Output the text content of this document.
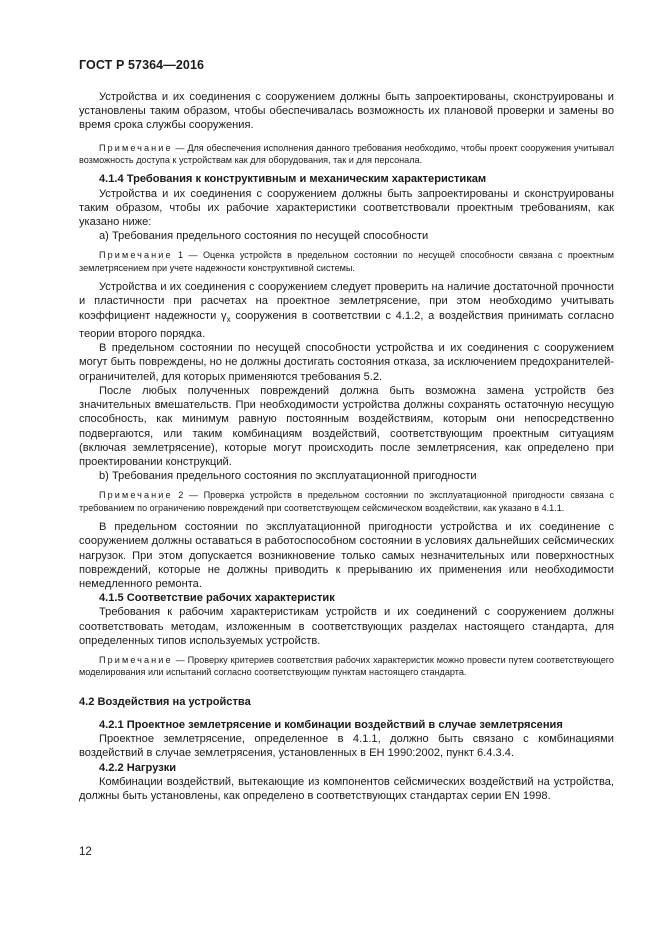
ГОСТ Р 57364—2016

Устройства и их соединения с сооружением должны быть запроектированы, сконструированы и установлены таким образом, чтобы обеспечивалась возможность их плановой проверки и замены во время срока службы сооружения.

Примечание — Для обеспечения исполнения данного требования необходимо, чтобы проект сооружения учитывал возможность доступа к устройствам как для оборудования, так и для персонала.

4.1.4 Требования к конструктивным и механическим характеристикам

Устройства и их соединения с сооружением должны быть запроектированы и сконструированы таким образом, чтобы их рабочие характеристики соответствовали проектным требованиям, как указано ниже:

a) Требования предельного состояния по несущей способности

Примечание 1 — Оценка устройств в предельном состоянии по несущей способности связана с проектным землетрясением при учете надежности конструктивной системы.

Устройства и их соединения с сооружением следует проверить на наличие достаточной прочности и пластичности при расчетах на проектное землетрясение, при этом необходимо учитывать коэффициент надежности $\gamma_x$ сооружения в соответствии с 4.1.2, а воздействия принимать согласно теории второго порядка.

В предельном состоянии по несущей способности устройства и их соединения с сооружением могут быть повреждены, но не должны достигать состояния отказа, за исключением предохранителей-ограничителей, для которых применяются требования 5.2.

После любых полученных повреждений должна быть возможна замена устройств без значительных вмешательств. При необходимости устройства должны сохранять остаточную несущую способность, как минимум равную постоянным воздействиям, которым они непосредственно подвергаются, или таким комбинациям воздействий, соответствующим проектным ситуациям (включая землетрясение), которые могут происходить после землетрясения, как определено при проектировании конструкций.

b) Требования предельного состояния по эксплуатационной пригодности

Примечание 2 — Проверка устройств в предельном состоянии по эксплуатационной пригодности связана с требованием по ограничению повреждений при соответствующем сейсмическом воздействии, как указано в 4.1.1.

В предельном состоянии по эксплуатационной пригодности устройства и их соединение с сооружением должны оставаться в работоспособном состоянии в условиях дальнейших сейсмических нагрузок. При этом допускается возникновение только самых незначительных или поверхностных повреждений, которые не должны приводить к прерыванию их применения или необходимости немедленного ремонта.

4.1.5 Соответствие рабочих характеристик

Требования к рабочим характеристикам устройств и их соединений с сооружением должны соответствовать методам, изложенным в соответствующих разделах настоящего стандарта, для определенных типов используемых устройств.

Примечание — Проверку критериев соответствия рабочих характеристик можно провести путем соответствующего моделирования или испытаний согласно соответствующим пунктам настоящего стандарта.

4.2 Воздействия на устройства

4.2.1 Проектное землетрясение и комбинации воздействий в случае землетрясения

Проектное землетрясение, определенное в 4.1.1, должно быть связано с комбинациями воздействий в случае землетрясения, установленных в ЕН 1990:2002, пункт 6.4.3.4.

4.2.2 Нагрузки

Комбинации воздействий, вытекающие из компонентов сейсмических воздействий на устройства, должны быть установлены, как определено в соответствующих стандартах серии EN 1998.

12
